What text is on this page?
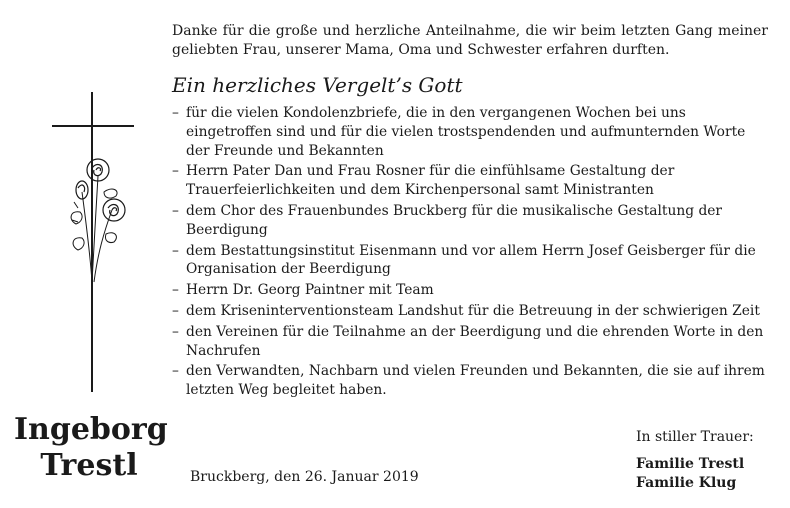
Ingeborg
Trestl
Danke für die große und herzliche Anteilnahme, die wir beim letzten Gang meiner geliebten Frau, unserer Mama, Oma und Schwester erfahren durften.
Ein herzliches Vergelt’s Gott
– für die vielen Kondolenzbriefe, die in den vergangenen Wochen bei uns eingetroffen sind und für die vielen trostspendenden und aufmunternden Worte der Freunde und Bekannten
– Herrn Pater Dan und Frau Rosner für die einfühlsame Gestaltung der Trauerfeierlichkeiten und dem Kirchenpersonal samt Ministranten
– dem Chor des Frauenbundes Bruckberg für die musikalische Gestaltung der Beerdigung
– dem Bestattungsinstitut Eisenmann und vor allem Herrn Josef Geisberger für die Organisation der Beerdigung
– Herrn Dr. Georg Paintner mit Team
– dem Kriseninterventionsteam Landshut für die Betreuung in der schwierigen Zeit
– den Vereinen für die Teilnahme an der Beerdigung und die ehrenden Worte in den Nachrufen
– den Verwandten, Nachbarn und vielen Freunden und Bekannten, die sie auf ihrem letzten Weg begleitet haben.
Bruckberg, den 26. Januar 2019
In stiller Trauer:
Familie Trestl
Familie Klug
